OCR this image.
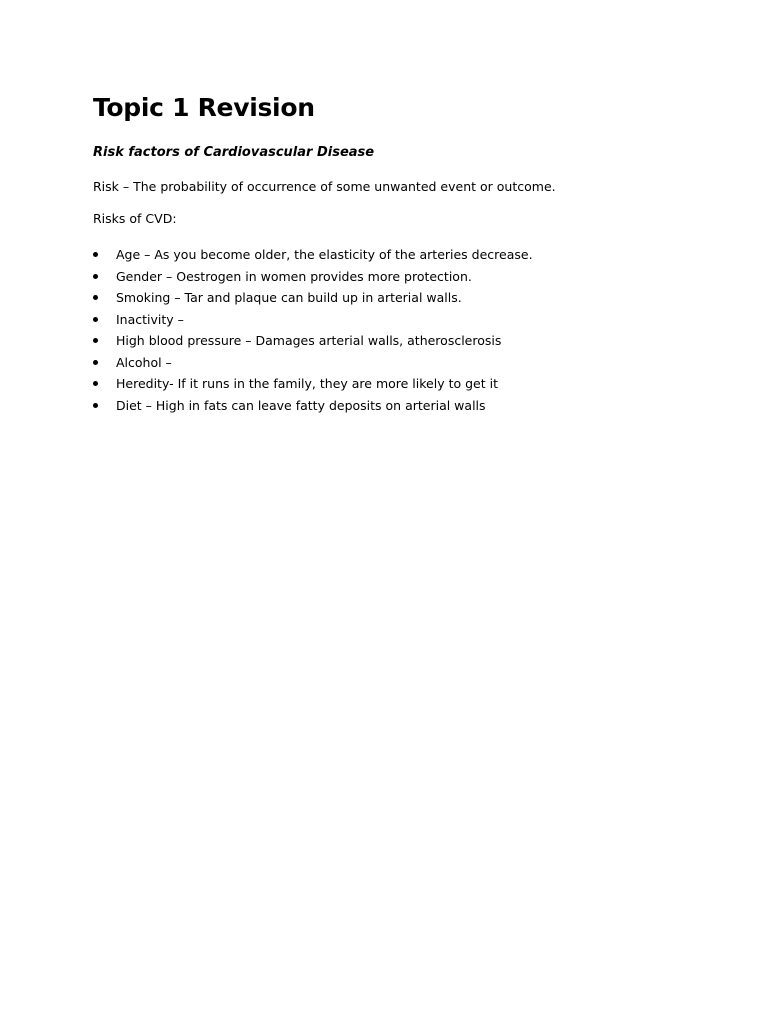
Topic 1 Revision

Risk factors of Cardiovascular Disease

Risk – The probability of occurrence of some unwanted event or outcome.

Risks of CVD:

Age – As you become older, the elasticity of the arteries decrease.
Gender – Oestrogen in women provides more protection.
Smoking – Tar and plaque can build up in arterial walls.
Inactivity –
High blood pressure – Damages arterial walls, atherosclerosis
Alcohol –
Heredity- If it runs in the family, they are more likely to get it
Diet – High in fats can leave fatty deposits on arterial walls
